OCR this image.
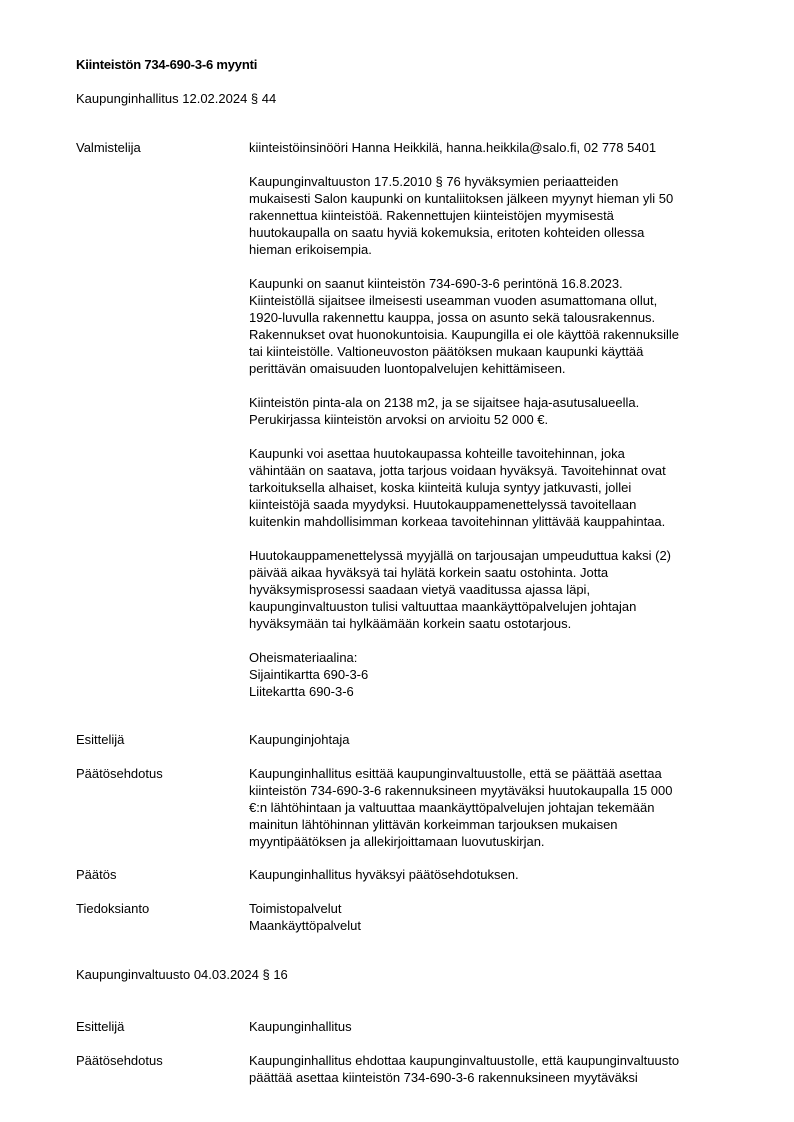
Kiinteistön 734-690-3-6 myynti

Kaupunginhallitus 12.02.2024 § 44

Valmistelija	kiinteistöinsinööri Hanna Heikkilä, hanna.heikkila@salo.fi, 02 778 5401

Kaupunginvaltuuston 17.5.2010 § 76 hyväksymien periaatteiden
mukaisesti Salon kaupunki on kuntaliitoksen jälkeen myynyt hieman yli 50
rakennettua kiinteistöä. Rakennettujen kiinteistöjen myymisestä
huutokaupalla on saatu hyviä kokemuksia, eritoten kohteiden ollessa
hieman erikoisempia.

Kaupunki on saanut kiinteistön 734-690-3-6 perintönä 16.8.2023.
Kiinteistöllä sijaitsee ilmeisesti useamman vuoden asumattomana ollut,
1920-luvulla rakennettu kauppa, jossa on asunto sekä talousrakennus.
Rakennukset ovat huonokuntoisia. Kaupungilla ei ole käyttöä rakennuksille
tai kiinteistölle. Valtioneuvoston päätöksen mukaan kaupunki käyttää
perittävän omaisuuden luontopalvelujen kehittämiseen.

Kiinteistön pinta-ala on 2138 m2, ja se sijaitsee haja-asutusalueella.
Perukirjassa kiinteistön arvoksi on arvioitu 52 000 €.

Kaupunki voi asettaa huutokaupassa kohteille tavoitehinnan, joka
vähintään on saatava, jotta tarjous voidaan hyväksyä. Tavoitehinnat ovat
tarkoituksella alhaiset, koska kiinteitä kuluja syntyy jatkuvasti, jollei
kiinteistöjä saada myydyksi. Huutokauppamenettelyssä tavoitellaan
kuitenkin mahdollisimman korkeaa tavoitehinnan ylittävää kauppahintaa.

Huutokauppamenettelyssä myyjällä on tarjousajan umpeuduttua kaksi (2)
päivää aikaa hyväksyä tai hylätä korkein saatu ostohinta. Jotta
hyväksymisprosessi saadaan vietyä vaaditussa ajassa läpi,
kaupunginvaltuuston tulisi valtuuttaa maankäyttöpalvelujen johtajan
hyväksymään tai hylkäämään korkein saatu ostotarjous.

Oheismateriaalina:
Sijaintikartta 690-3-6
Liitekartta 690-3-6

Esittelijä	Kaupunginjohtaja
Päätösehdotus	Kaupunginhallitus esittää kaupunginvaltuustolle, että se päättää asettaa
kiinteistön 734-690-3-6 rakennuksineen myytäväksi huutokaupalla 15 000
€:n lähtöhintaan ja valtuuttaa maankäyttöpalvelujen johtajan tekemään
mainitun lähtöhinnan ylittävän korkeimman tarjouksen mukaisen
myyntipäätöksen ja allekirjoittamaan luovutuskirjan.
Päätös	Kaupunginhallitus hyväksyi päätösehdotuksen.
Tiedoksianto	Toimistopalvelut
Maankäyttöpalvelut

Kaupunginvaltuusto 04.03.2024 § 16

Esittelijä	Kaupunginhallitus
Päätösehdotus	Kaupunginhallitus ehdottaa kaupunginvaltuustolle, että kaupunginvaltuusto
päättää asettaa kiinteistön 734-690-3-6 rakennuksineen myytäväksi
